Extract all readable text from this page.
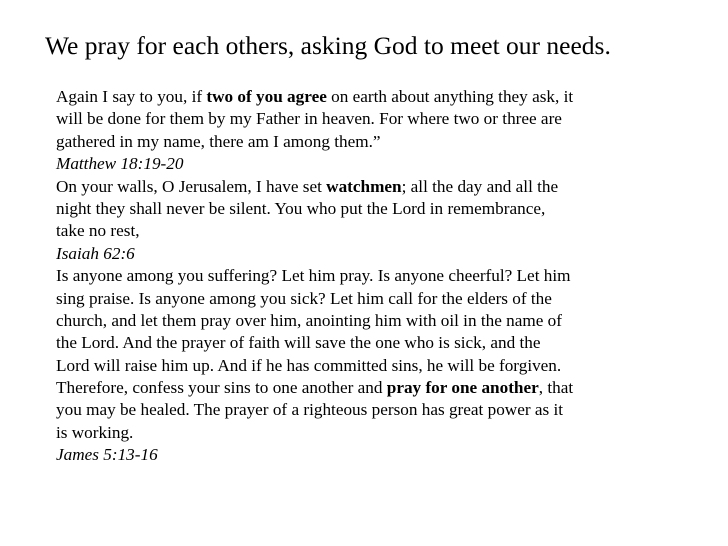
We pray for each others, asking God to meet our needs.
Again I say to you, if two of you agree on earth about anything they ask, it
will be done for them by my Father in heaven. For where two or three are
gathered in my name, there am I among them.”
Matthew 18:19-20
On your walls, O Jerusalem, I have set watchmen; all the day and all the
night they shall never be silent. You who put the Lord in remembrance,
take no rest,
Isaiah 62:6
Is anyone among you suffering? Let him pray. Is anyone cheerful? Let him
sing praise. Is anyone among you sick? Let him call for the elders of the
church, and let them pray over him, anointing him with oil in the name of
the Lord. And the prayer of faith will save the one who is sick, and the
Lord will raise him up. And if he has committed sins, he will be forgiven.
Therefore, confess your sins to one another and pray for one another, that
you may be healed. The prayer of a righteous person has great power as it
is working.
James 5:13-16
